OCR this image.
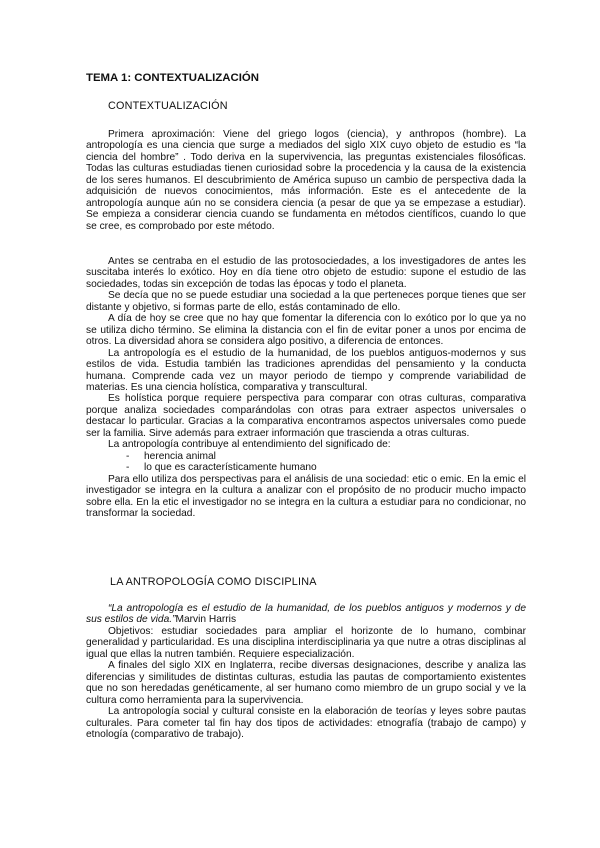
TEMA 1: CONTEXTUALIZACIÓN
CONTEXTUALIZACIÓN

Primera aproximación: Viene del griego logos (ciencia), y anthropos (hombre). La antropología es una ciencia que surge a mediados del siglo XIX cuyo objeto de estudio es “la ciencia del hombre” . Todo deriva en la supervivencia, las preguntas existenciales filosóficas. Todas las culturas estudiadas tienen curiosidad sobre la procedencia y la causa de la existencia de los seres humanos. El descubrimiento de América supuso un cambio de perspectiva dada la adquisición de nuevos conocimientos, más información. Este es el antecedente de la antropología aunque aún no se considera ciencia (a pesar de que ya se empezase a estudiar). Se empieza a considerar ciencia cuando se fundamenta en métodos científicos, cuando lo que se cree, es comprobado por este método.

Antes se centraba en el estudio de las protosociedades, a los investigadores de antes les suscitaba interés lo exótico. Hoy en día tiene otro objeto de estudio: supone el estudio de las sociedades, todas sin excepción de todas las épocas y todo el planeta.

Se decía que no se puede estudiar una sociedad a la que perteneces porque tienes que ser distante y objetivo, si formas parte de ello, estás contaminado de ello.

A día de hoy se cree que no hay que fomentar la diferencia con lo exótico por lo que ya no se utiliza dicho término. Se elimina la distancia con el fin de evitar poner a unos por encima de otros. La diversidad ahora se considera algo positivo, a diferencia de entonces.

La antropología es el estudio de la humanidad, de los pueblos antiguos-modernos y sus estilos de vida. Estudia también las tradiciones aprendidas del pensamiento y la conducta humana. Comprende cada vez un mayor periodo de tiempo y comprende variabilidad de materias. Es una ciencia holística, comparativa y transcultural.

Es holística porque requiere perspectiva para comparar con otras culturas, comparativa porque analiza sociedades comparándolas con otras para extraer aspectos universales o destacar lo particular. Gracias a la comparativa encontramos aspectos universales como puede ser la familia. Sirve además para extraer información que trascienda a otras culturas.

La antropología contribuye al entendimiento del significado de:

- herencia animal
- lo que es característicamente humano

Para ello utiliza dos perspectivas para el análisis de una sociedad: etic o emic. En la emic el investigador se integra en la cultura a analizar con el propósito de no producir mucho impacto sobre ella. En la etic el investigador no se integra en la cultura a estudiar para no condicionar, no transformar la sociedad.

LA ANTROPOLOGÍA COMO DISCIPLINA

“La antropología es el estudio de la humanidad, de los pueblos antiguos y modernos y de sus estilos de vida.”Marvin Harris

Objetivos: estudiar sociedades para ampliar el horizonte de lo humano, combinar generalidad y particularidad. Es una disciplina interdisciplinaria ya que nutre a otras disciplinas al igual que ellas la nutren también. Requiere especialización.

A finales del siglo XIX en Inglaterra, recibe diversas designaciones, describe y analiza las diferencias y similitudes de distintas culturas, estudia las pautas de comportamiento existentes que no son heredadas genéticamente, al ser humano como miembro de un grupo social y ve la cultura como herramienta para la supervivencia.

La antropología social y cultural consiste en la elaboración de teorías y leyes sobre pautas culturales. Para cometer tal fin hay dos tipos de actividades: etnografía (trabajo de campo) y etnología (comparativo de trabajo).
